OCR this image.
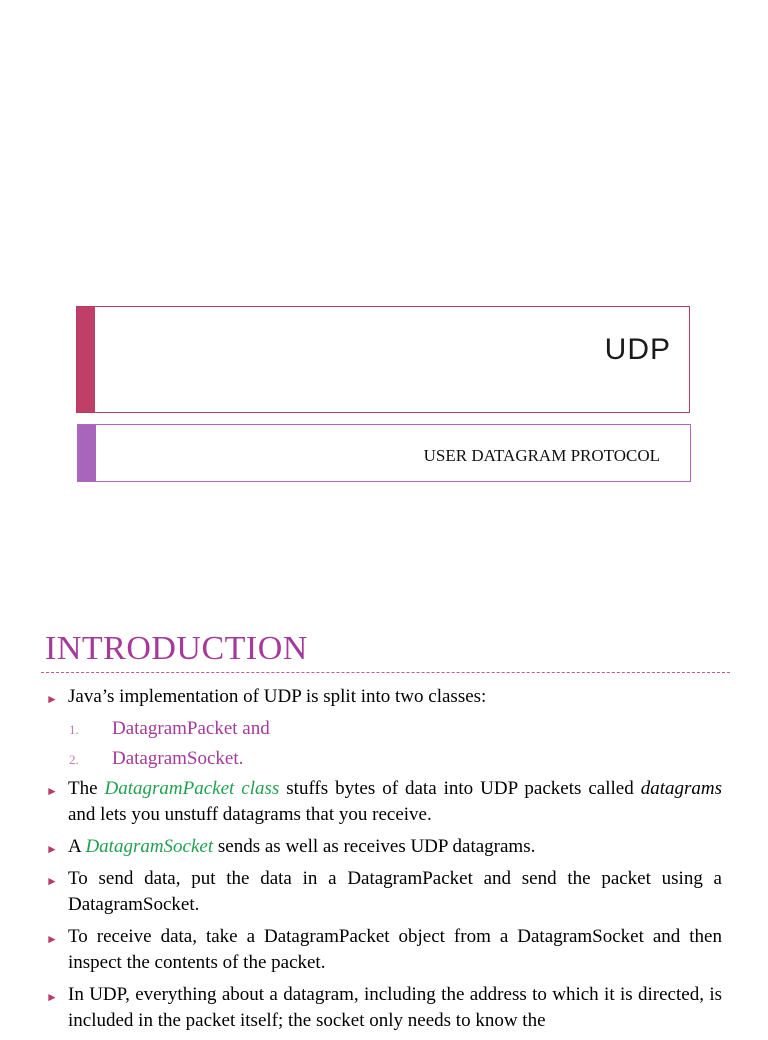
UDP
USER DATAGRAM PROTOCOL
INTRODUCTION
► Java’s implementation of UDP is split into two classes:
1. DatagramPacket and
2. DatagramSocket.
► The DatagramPacket class stuffs bytes of data into UDP packets called datagrams and lets you unstuff datagrams that you receive.
► A DatagramSocket sends as well as receives UDP datagrams.
► To send data, put the data in a DatagramPacket and send the packet using a DatagramSocket.
► To receive data, take a DatagramPacket object from a DatagramSocket and then inspect the contents of the packet.
► In UDP, everything about a datagram, including the address to which it is directed, is included in the packet itself; the socket only needs to know the
